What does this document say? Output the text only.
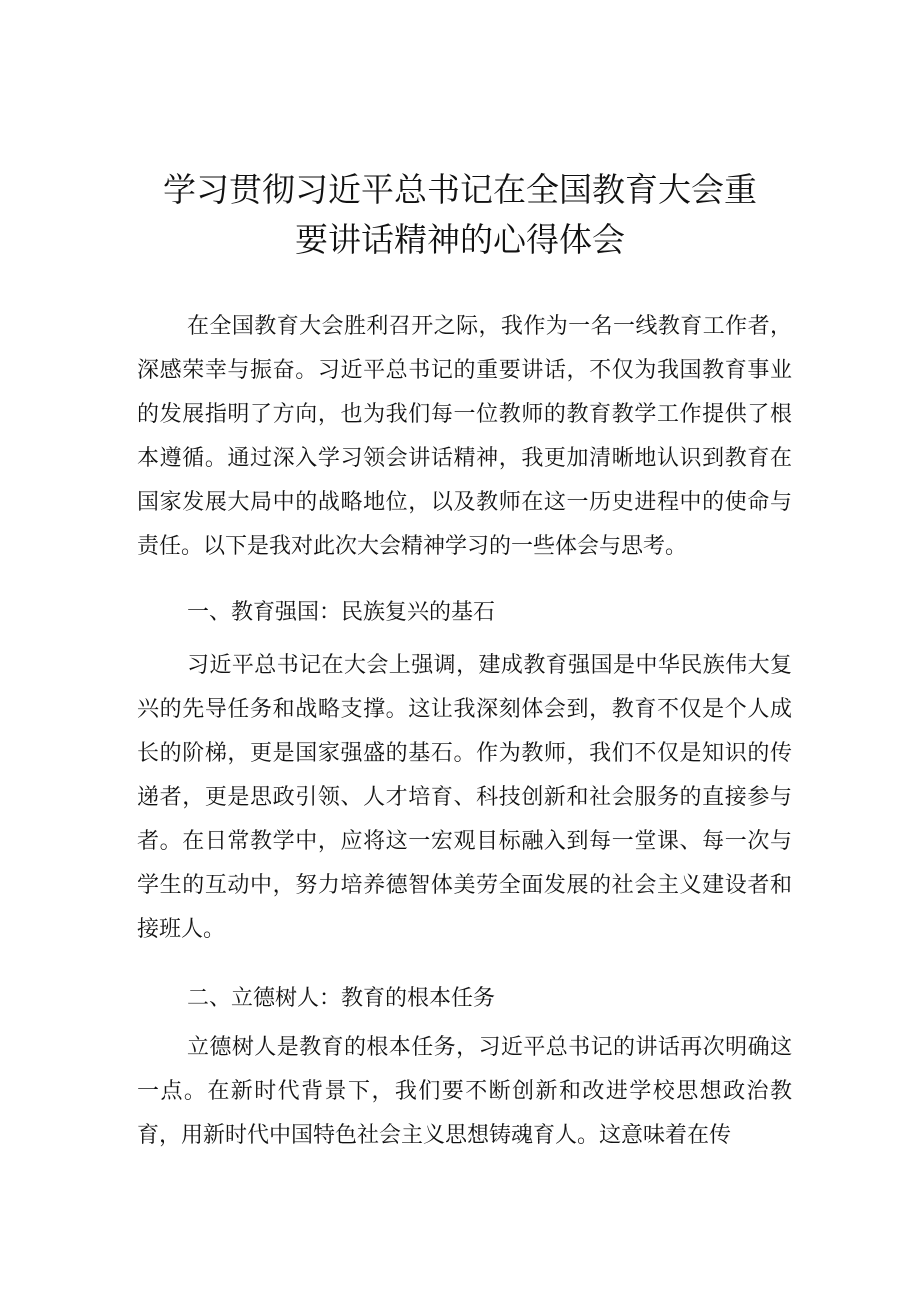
学习贯彻习近平总书记在全国教育大会重
要讲话精神的心得体会

在全国教育大会胜利召开之际，我作为一名一线教育工作者，深感荣幸与振奋。习近平总书记的重要讲话，不仅为我国教育事业的发展指明了方向，也为我们每一位教师的教育教学工作提供了根本遵循。通过深入学习领会讲话精神，我更加清晰地认识到教育在国家发展大局中的战略地位，以及教师在这一历史进程中的使命与责任。以下是我对此次大会精神学习的一些体会与思考。

一、教育强国：民族复兴的基石

习近平总书记在大会上强调，建成教育强国是中华民族伟大复兴的先导任务和战略支撑。这让我深刻体会到，教育不仅是个人成长的阶梯，更是国家强盛的基石。作为教师，我们不仅是知识的传递者，更是思政引领、人才培育、科技创新和社会服务的直接参与者。在日常教学中，应将这一宏观目标融入到每一堂课、每一次与学生的互动中，努力培养德智体美劳全面发展的社会主义建设者和接班人。

二、立德树人：教育的根本任务

立德树人是教育的根本任务，习近平总书记的讲话再次明确这一点。在新时代背景下，我们要不断创新和改进学校思想政治教育，用新时代中国特色社会主义思想铸魂育人。这意味着在传
